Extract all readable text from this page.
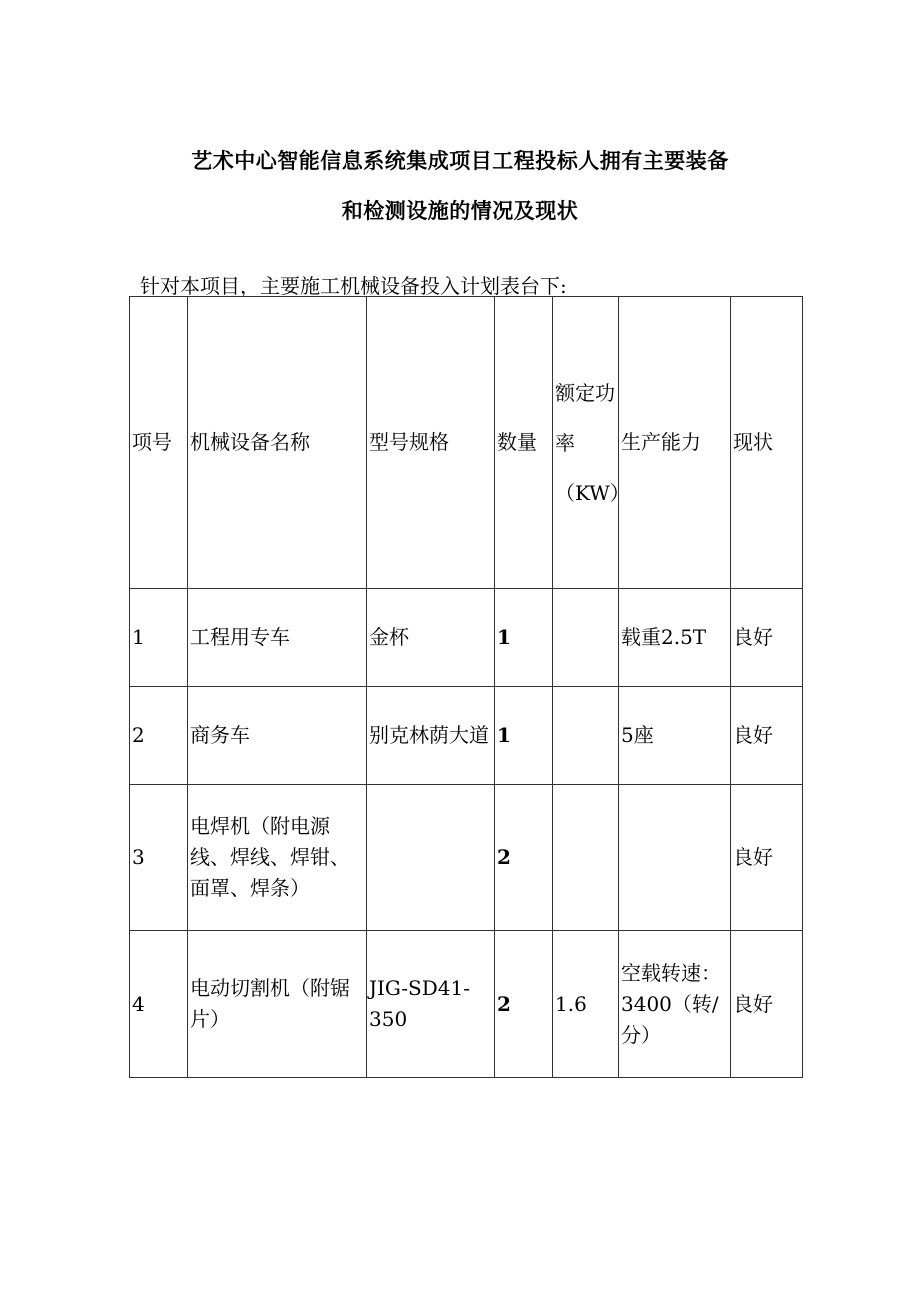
艺术中心智能信息系统集成项目工程投标人拥有主要装备
和检测设施的情况及现状
针对本项目，主要施工机械设备投入计划表台下:
项号	机械设备名称	型号规格	数量	额定功率（KW）	生产能力	现状

1	工程用专车	金杯	1		载重2.5T	良好

2	商务车	别克林荫大道	1		5座	良好

3	电焊机（附电源线、焊线、焊钳、面罩、焊条）		2			良好

4	电动切割机（附锯片）	JIG-SD41-350	2	1.6	空载转速：3400（转/分）	良好
